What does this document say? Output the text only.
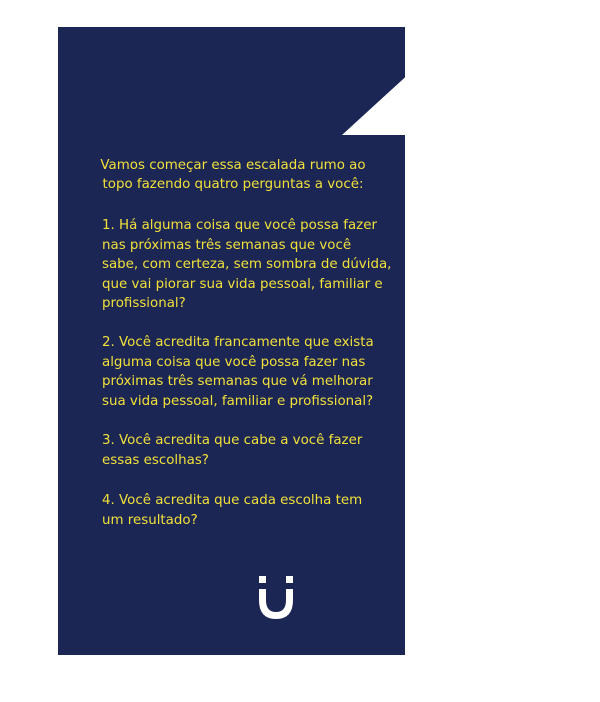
Vamos começar essa escalada rumo ao
topo fazendo quatro perguntas a você:

1. Há alguma coisa que você possa fazer
nas próximas três semanas que você
sabe, com certeza, sem sombra de dúvida,
que vai piorar sua vida pessoal, familiar e
profissional?

2. Você acredita francamente que exista
alguma coisa que você possa fazer nas
próximas três semanas que vá melhorar
sua vida pessoal, familiar e profissional?

3. Você acredita que cabe a você fazer
essas escolhas?

4. Você acredita que cada escolha tem
um resultado?
